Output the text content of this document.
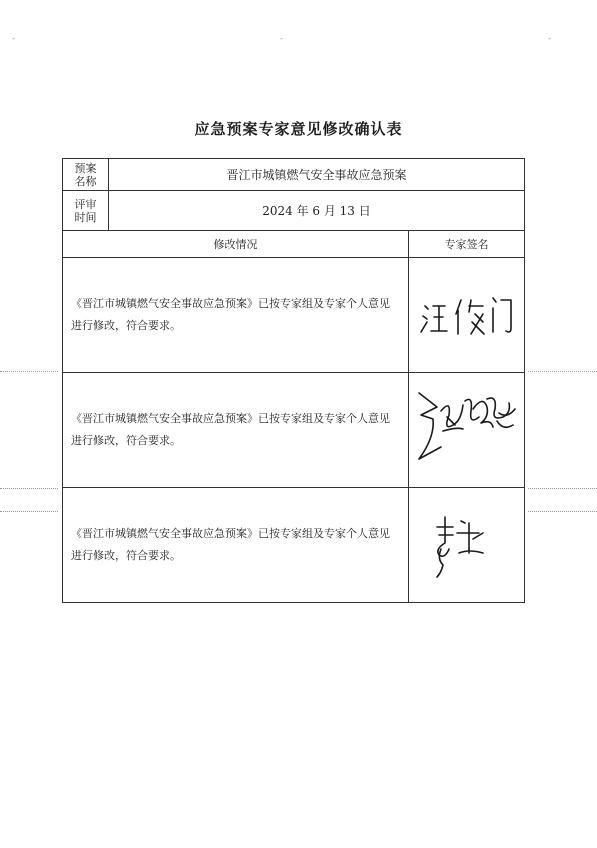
-	-	-
应急预案专家意见修改确认表
预案
名称	晋江市城镇燃气安全事故应急预案	

评审
时间	2024 年 6 月 13 日	
修改情况		专家签名
《晋江市城镇燃气安全事故应急预案》已按专家组及专家个人意见进行修改，符合要求。	
《晋江市城镇燃气安全事故应急预案》已按专家组及专家个人意见进行修改，符合要求。	
《晋江市城镇燃气安全事故应急预案》已按专家组及专家个人意见进行修改，符合要求。	
